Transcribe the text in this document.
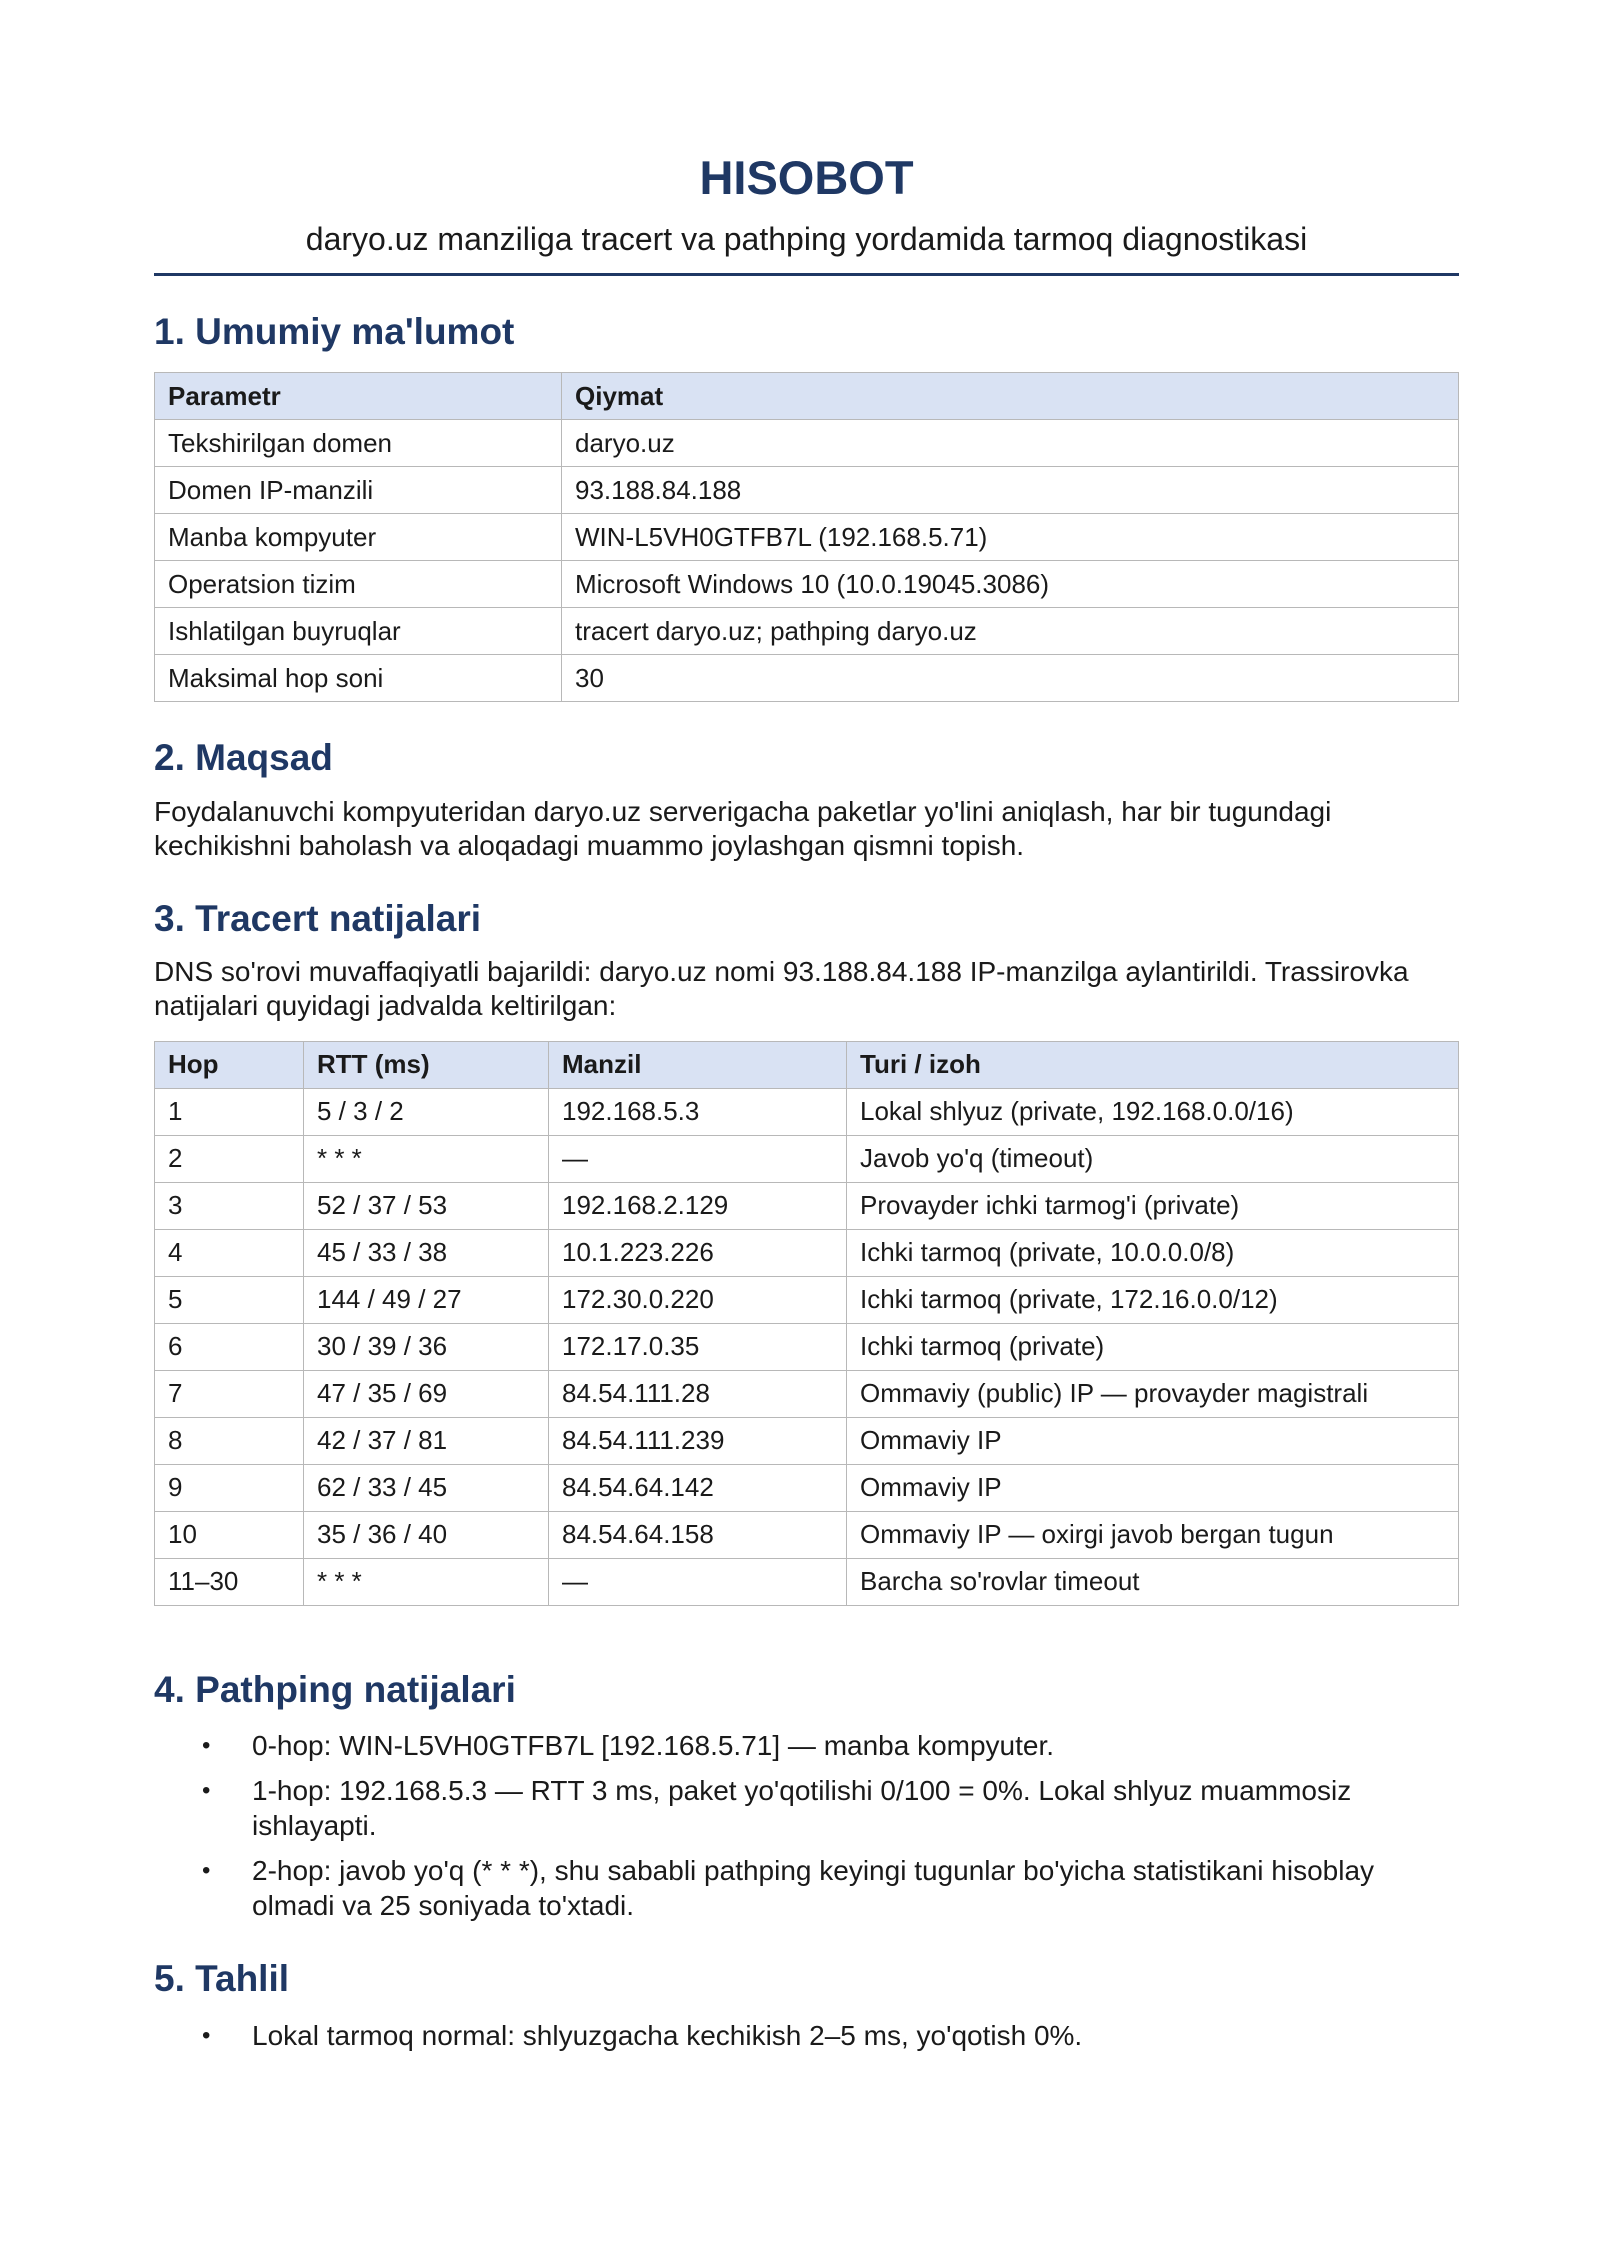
HISOBOT
daryo.uz manziliga tracert va pathping yordamida tarmoq diagnostikasi
1. Umumiy ma'lumot
Parametr	Qiymat
Tekshirilgan domen	daryo.uz
Domen IP-manzili	93.188.84.188
Manba kompyuter	WIN-L5VH0GTFB7L (192.168.5.71)
Operatsion tizim	Microsoft Windows 10 (10.0.19045.3086)
Ishlatilgan buyruqlar	tracert daryo.uz; pathping daryo.uz
Maksimal hop soni	30
2. Maqsad

Foydalanuvchi kompyuteridan daryo.uz serverigacha paketlar yo'lini aniqlash, har bir tugundagi kechikishni baholash va aloqadagi muammo joylashgan qismni topish.

3. Tracert natijalari

DNS so'rovi muvaffaqiyatli bajarildi: daryo.uz nomi 93.188.84.188 IP-manzilga aylantirildi. Trassirovka natijalari quyidagi jadvalda keltirilgan:

Hop	RTT (ms)	Manzil	Turi / izoh
1	5 / 3 / 2	192.168.5.3	Lokal shlyuz (private, 192.168.0.0/16)
2	* * *	—	Javob yo'q (timeout)
3	52 / 37 / 53	192.168.2.129	Provayder ichki tarmog'i (private)
4	45 / 33 / 38	10.1.223.226	Ichki tarmoq (private, 10.0.0.0/8)
5	144 / 49 / 27	172.30.0.220	Ichki tarmoq (private, 172.16.0.0/12)
6	30 / 39 / 36	172.17.0.35	Ichki tarmoq (private)
7	47 / 35 / 69	84.54.111.28	Ommaviy (public) IP — provayder magistrali
8	42 / 37 / 81	84.54.111.239	Ommaviy IP
9	62 / 33 / 45	84.54.64.142	Ommaviy IP
10	35 / 36 / 40	84.54.64.158	Ommaviy IP — oxirgi javob bergan tugun
11–30	* * *	—	Barcha so'rovlar timeout
4. Pathping natijalari
• 0-hop: WIN-L5VH0GTFB7L [192.168.5.71] — manba kompyuter.
• 1-hop: 192.168.5.3 — RTT 3 ms, paket yo'qotilishi 0/100 = 0%. Lokal shlyuz muammosiz ishlayapti.
• 2-hop: javob yo'q (* * *), shu sababli pathping keyingi tugunlar bo'yicha statistikani hisoblay olmadi va 25 soniyada to'xtadi.
5. Tahlil
• Lokal tarmoq normal: shlyuzgacha kechikish 2–5 ms, yo'qotish 0%.
